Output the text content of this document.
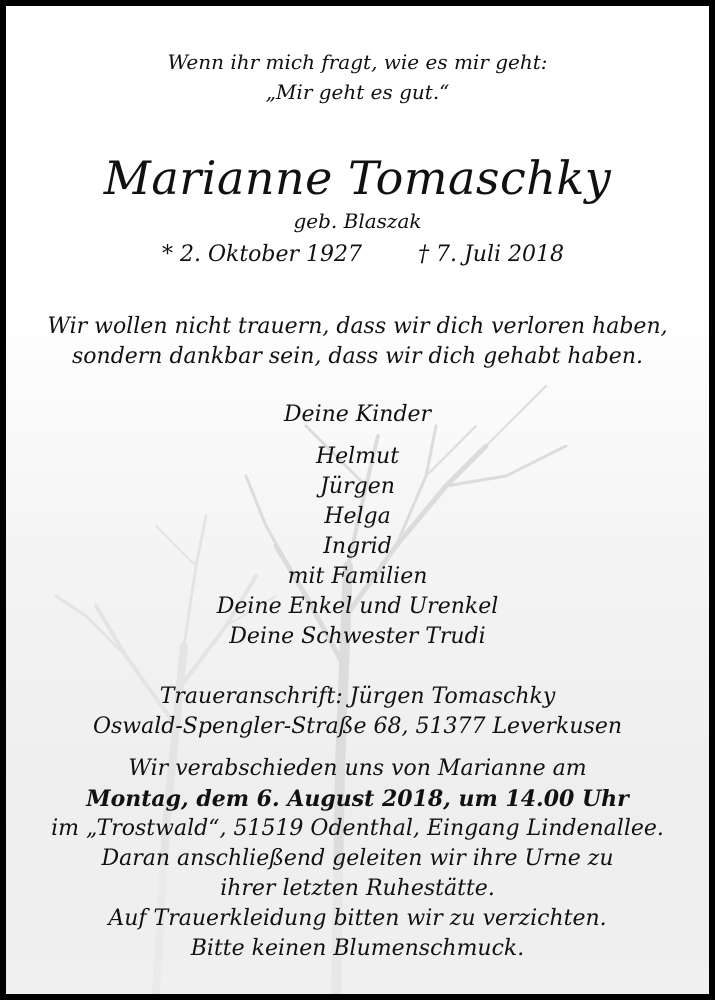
Wenn ihr mich fragt, wie es mir geht:
„Mir geht es gut.“
Marianne Tomaschky
geb. Blaszak
* 2. Oktober 1927	† 7. Juli 2018
Wir wollen nicht trauern, dass wir dich verloren haben,
sondern dankbar sein, dass wir dich gehabt haben.
Deine Kinder
Helmut
Jürgen
Helga
Ingrid
mit Familien
Deine Enkel und Urenkel
Deine Schwester Trudi
Traueranschrift: Jürgen Tomaschky
Oswald-Spengler-Straße 68, 51377 Leverkusen
Wir verabschieden uns von Marianne am
Montag, dem 6. August 2018, um 14.00 Uhr
im „Trostwald“, 51519 Odenthal, Eingang Lindenallee.
Daran anschließend geleiten wir ihre Urne zu
ihrer letzten Ruhestätte.
Auf Trauerkleidung bitten wir zu verzichten.
Bitte keinen Blumenschmuck.
